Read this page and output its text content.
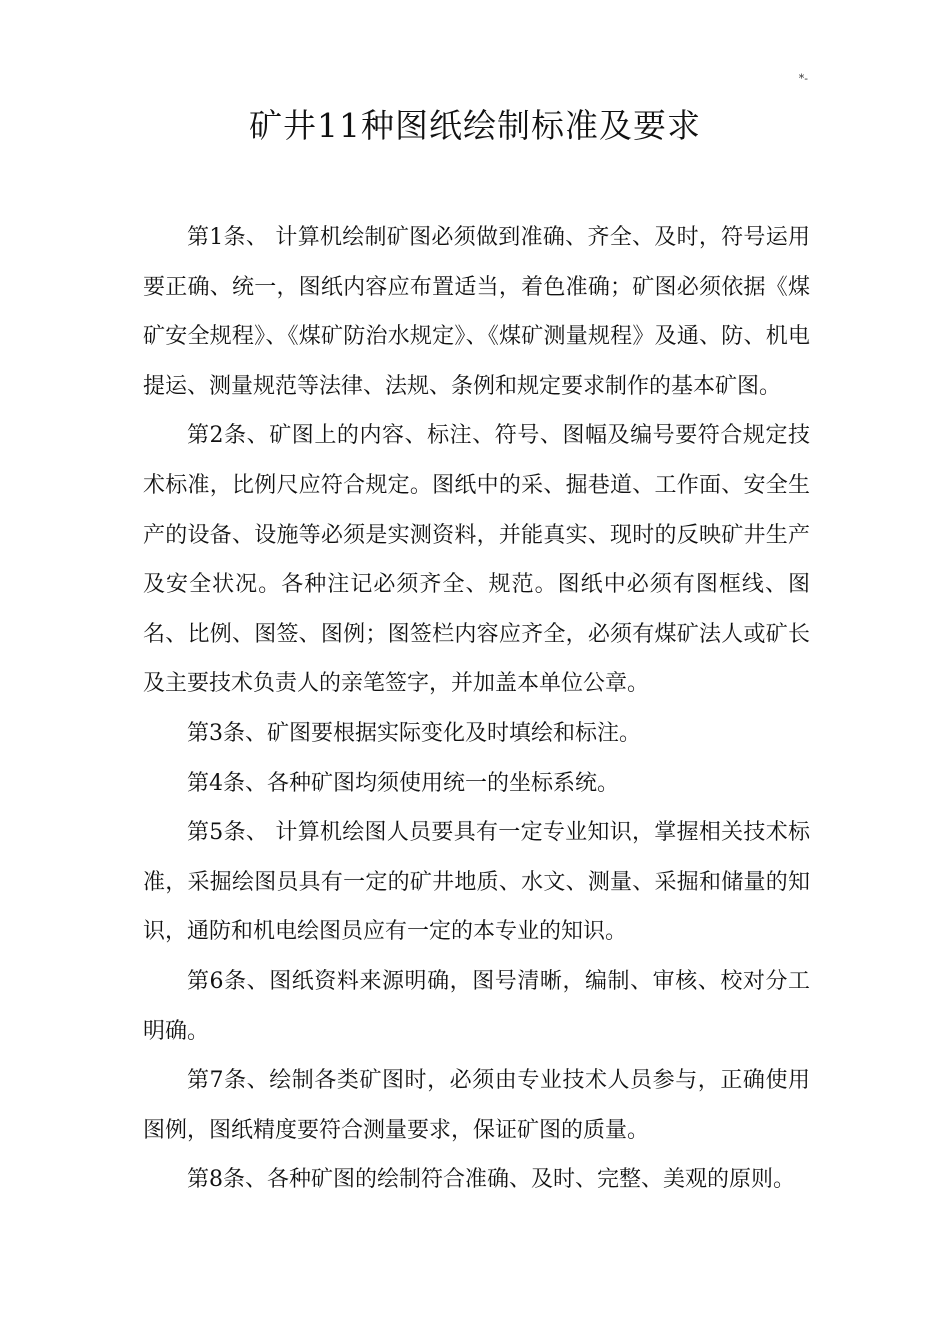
*-
矿井11种图纸绘制标准及要求

第1条、 计算机绘制矿图必须做到准确、齐全、及时，符号运用要正确、统一，图纸内容应布置适当，着色准确；矿图必须依据《煤矿安全规程》、《煤矿防治水规定》、《煤矿测量规程》及通、防、机电提运、测量规范等法律、法规、条例和规定要求制作的基本矿图。

第2条、矿图上的内容、标注、符号、图幅及编号要符合规定技术标准，比例尺应符合规定。图纸中的采、掘巷道、工作面、安全生产的设备、设施等必须是实测资料，并能真实、现时的反映矿井生产及安全状况。各种注记必须齐全、规范。图纸中必须有图框线、图名、比例、图签、图例；图签栏内容应齐全，必须有煤矿法人或矿长及主要技术负责人的亲笔签字，并加盖本单位公章。

第3条、矿图要根据实际变化及时填绘和标注。

第4条、各种矿图均须使用统一的坐标系统。

第5条、 计算机绘图人员要具有一定专业知识，掌握相关技术标准，采掘绘图员具有一定的矿井地质、水文、测量、采掘和储量的知识，通防和机电绘图员应有一定的本专业的知识。

第6条、图纸资料来源明确，图号清晰，编制、审核、校对分工明确。

第7条、绘制各类矿图时，必须由专业技术人员参与，正确使用图例，图纸精度要符合测量要求，保证矿图的质量。

第8条、各种矿图的绘制符合准确、及时、完整、美观的原则。
